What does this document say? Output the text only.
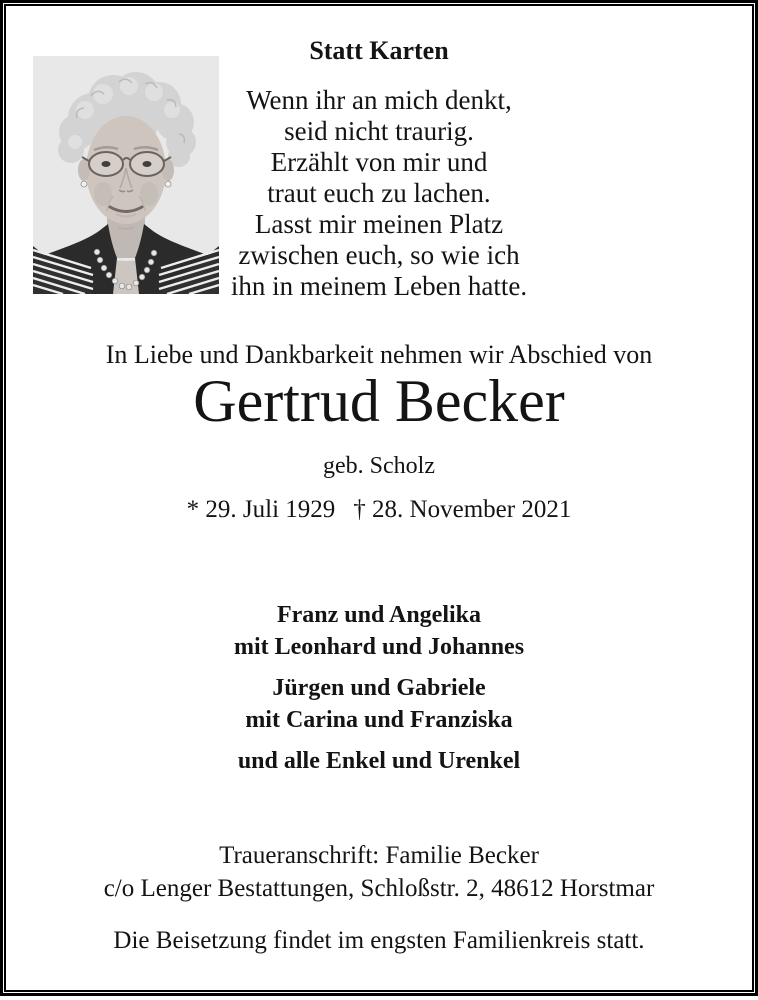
Statt Karten
Wenn ihr an mich denkt,
seid nicht traurig.
Erzählt von mir und
traut euch zu lachen.
Lasst mir meinen Platz
zwischen euch, so wie ich
ihn in meinem Leben hatte.
In Liebe und Dankbarkeit nehmen wir Abschied von
Gertrud Becker
geb. Scholz
* 29. Juli 1929 † 28. November 2021
Franz und Angelika
mit Leonhard und Johannes
Jürgen und Gabriele
mit Carina und Franziska
und alle Enkel und Urenkel
Traueranschrift: Familie Becker
c/o Lenger Bestattungen, Schloßstr. 2, 48612 Horstmar
Die Beisetzung findet im engsten Familienkreis statt.
